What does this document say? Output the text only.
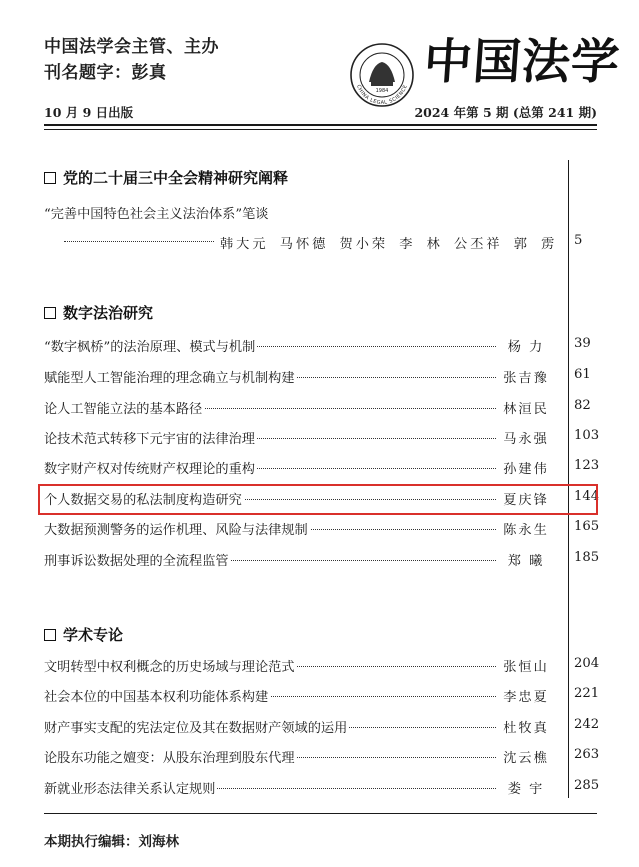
中国法学会主管、主办
刊名题字：彭真
10 月 9 日出版
1984
CHINA LEGAL SCIENCE 中国法学
2024 年第 5 期 (总第 241 期)
党的二十届三中全会精神研究阐释
“完善中国特色社会主义法治体系”笔谈
韩大元 马怀德 贺小荣 李 林 公丕祥 郭 雳 5
数字法治研究
“数字枫桥”的法治原理、模式与机制	杨 力	39
赋能型人工智能治理的理念确立与机制构建	张吉豫	61
论人工智能立法的基本路径	林洹民	82
论技术范式转移下元宇宙的法律治理	马永强	103
数字财产权对传统财产权理论的重构	孙建伟	123
个人数据交易的私法制度构造研究	夏庆锋	144
大数据预测警务的运作机理、风险与法律规制	陈永生	165
刑事诉讼数据处理的全流程监管	郑 曦	185
学术专论
文明转型中权利概念的历史场域与理论范式	张恒山	204
社会本位的中国基本权利功能体系构建	李忠夏	221
财产事实支配的宪法定位及其在数据财产领域的运用	杜牧真	242
论股东功能之嬗变：从股东治理到股东代理	沈云樵	263
新就业形态法律关系认定规则	娄 宇	285
本期执行编辑：刘海林
